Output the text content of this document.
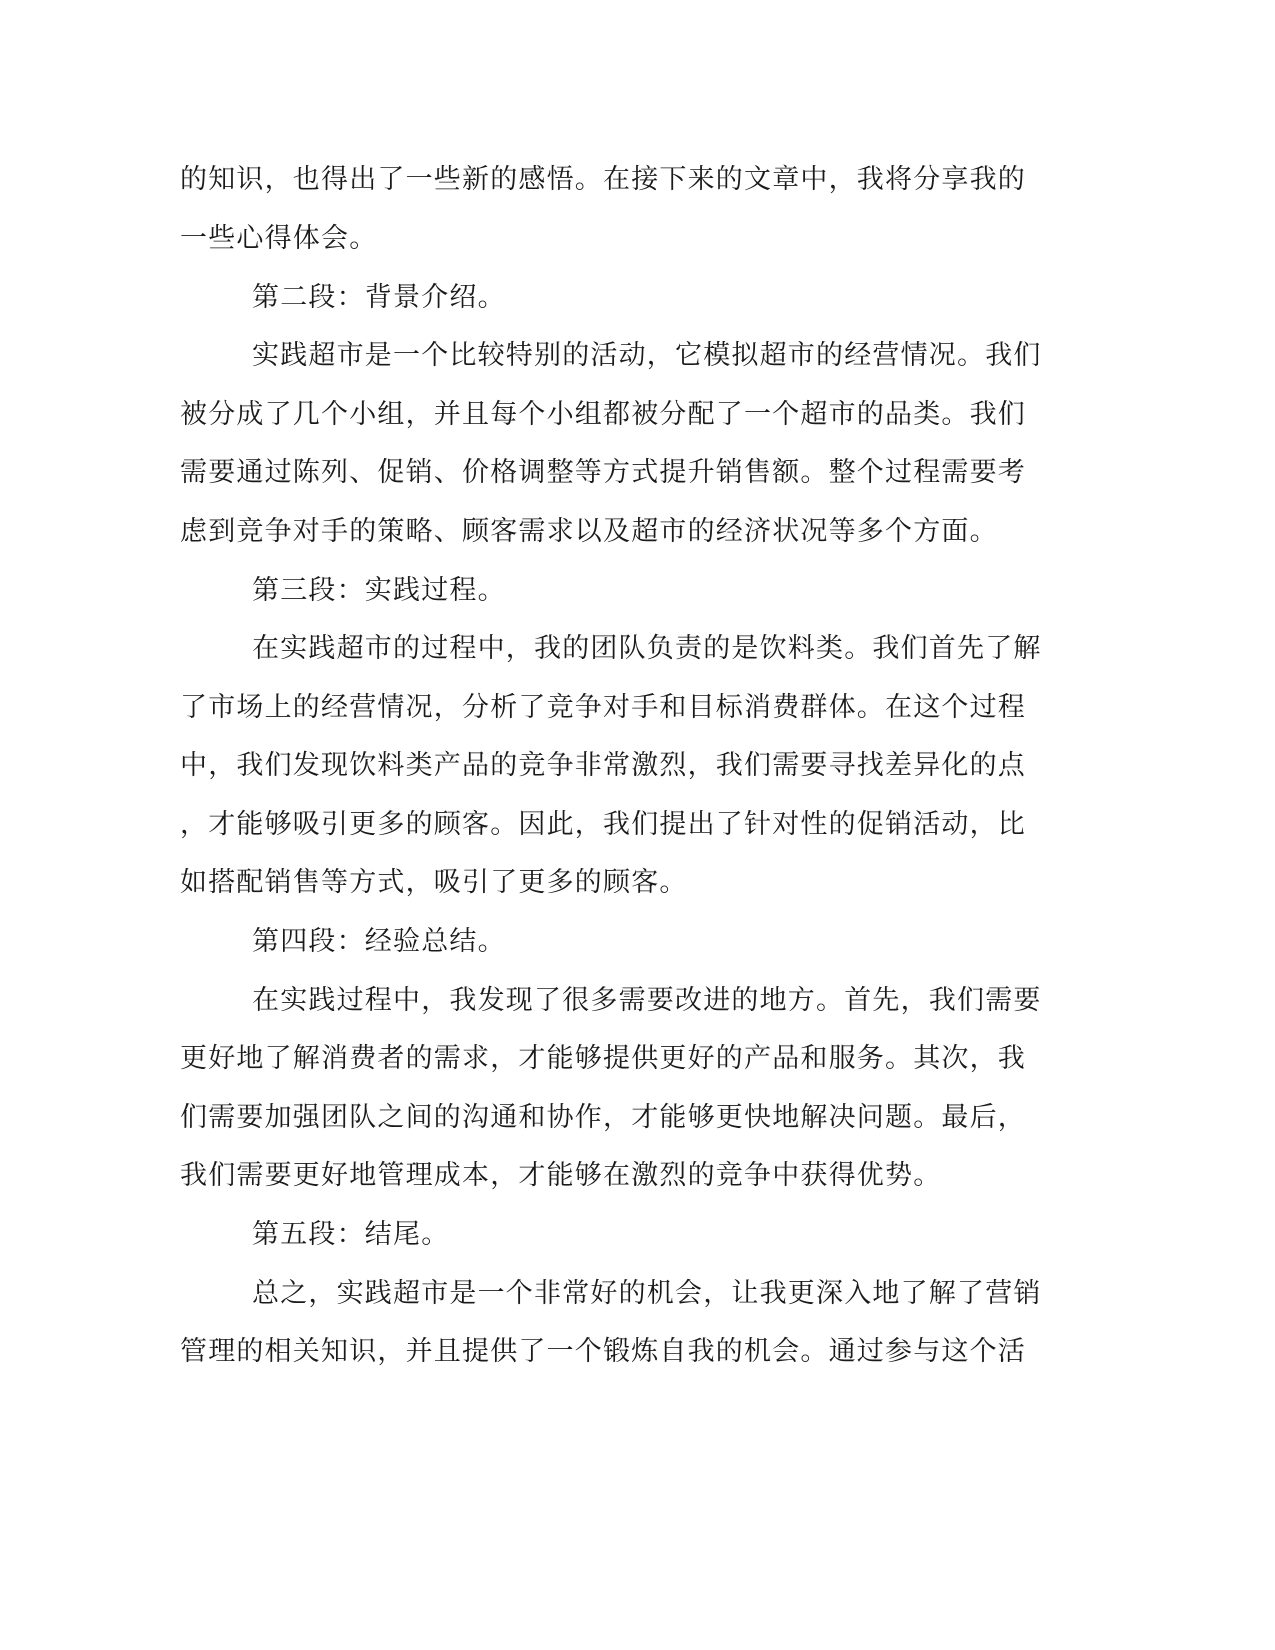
的知识，也得出了一些新的感悟。在接下来的文章中，我将分享我的
一些心得体会。
第二段：背景介绍。
实践超市是一个比较特别的活动，它模拟超市的经营情况。我们
被分成了几个小组，并且每个小组都被分配了一个超市的品类。我们
需要通过陈列、促销、价格调整等方式提升销售额。整个过程需要考
虑到竞争对手的策略、顾客需求以及超市的经济状况等多个方面。
第三段：实践过程。
在实践超市的过程中，我的团队负责的是饮料类。我们首先了解
了市场上的经营情况，分析了竞争对手和目标消费群体。在这个过程
中，我们发现饮料类产品的竞争非常激烈，我们需要寻找差异化的点
，才能够吸引更多的顾客。因此，我们提出了针对性的促销活动，比
如搭配销售等方式，吸引了更多的顾客。
第四段：经验总结。
在实践过程中，我发现了很多需要改进的地方。首先，我们需要
更好地了解消费者的需求，才能够提供更好的产品和服务。其次，我
们需要加强团队之间的沟通和协作，才能够更快地解决问题。最后，
我们需要更好地管理成本，才能够在激烈的竞争中获得优势。
第五段：结尾。
总之，实践超市是一个非常好的机会，让我更深入地了解了营销
管理的相关知识，并且提供了一个锻炼自我的机会。通过参与这个活
